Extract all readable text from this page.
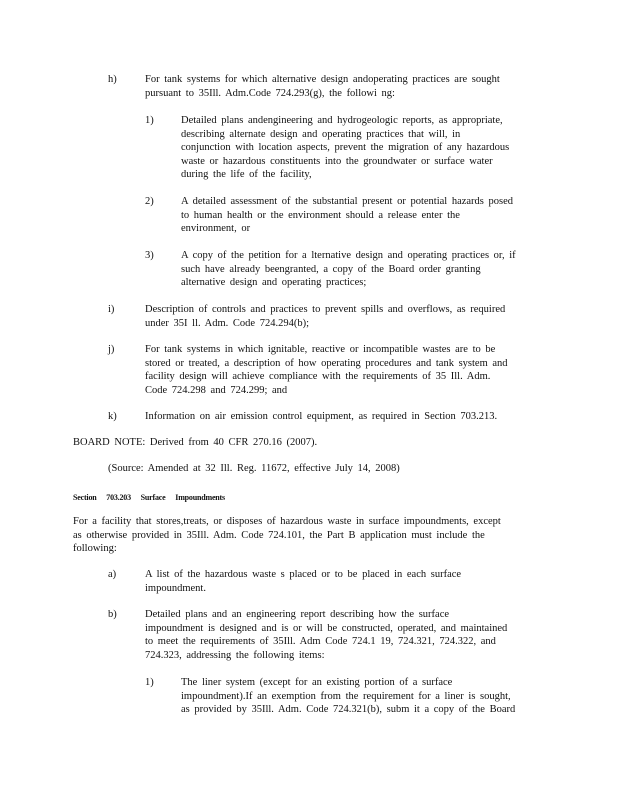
h)	For tank systems for which alternative design andoperating practices are sought
pursuant to 35Ill. Adm.Code 724.293(g), the followi ng:
1)	Detailed plans andengineering and hydrogeologic reports, as appropriate,
describing alternate design and operating practices that will, in
conjunction with location aspects, prevent the migration of any hazardous
waste or hazardous constituents into the groundwater or surface water
during the life of the facility,
2)	A detailed assessment of the substantial present or potential hazards posed
to human health or the environment should a release enter the
environment, or
3)	A copy of the petition for a lternative design and operating practices or, if
such have already beengranted, a copy of the Board order granting
alternative design and operating practices;
i)	Description of controls and practices to prevent spills and overflows, as required
under 35I ll. Adm. Code 724.294(b);
j)	For tank systems in which ignitable, reactive or incompatible wastes are to be
stored or treated, a description of how operating procedures and tank system and
facility design will achieve compliance with the requirements of 35 Ill. Adm.
Code 724.298 and 724.299; and
k)	Information on air emission control equipment, as required in Section 703.213.
BOARD NOTE: Derived from 40 CFR 270.16 (2007).
(Source: Amended at 32 Ill. Reg. 11672, effective July 14, 2008)
Section 703.203 Surface Impoundments
For a facility that stores,treats, or disposes of hazardous waste in surface impoundments, except
as otherwise provided in 35Ill. Adm. Code 724.101, the Part B application must include the
following:
a)	A list of the hazardous waste s placed or to be placed in each surface
impoundment.
b)	Detailed plans and an engineering report describing how the surface
impoundment is designed and is or will be constructed, operated, and maintained
to meet the requirements of 35Ill. Adm Code 724.1 19, 724.321, 724.322, and
724.323, addressing the following items:
1)	The liner system (except for an existing portion of a surface
impoundment).If an exemption from the requirement for a liner is sought,
as provided by 35Ill. Adm. Code 724.321(b), subm it a copy of the Board
